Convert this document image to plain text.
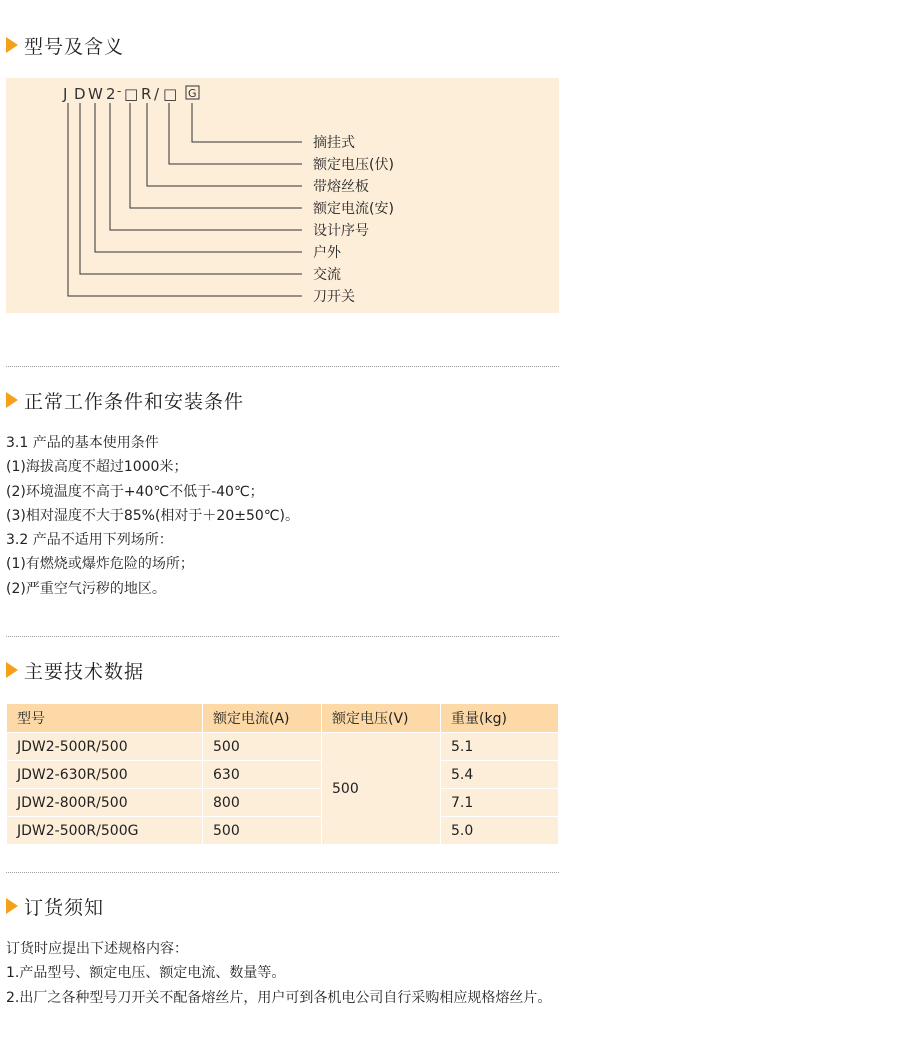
型号及含义
J D W 2 - □ R / □ G
摘挂式
额定电压(伏)
带熔丝板
额定电流(安)
设计序号
户外
交流
刀开关
正常工作条件和安装条件
3.1 产品的基本使用条件
(1)海拔高度不超过1000米；
(2)环境温度不高于+40℃不低于-40℃；
(3)相对湿度不大于85%(相对于＋20±50℃)。
3.2 产品不适用下列场所：
(1)有燃烧或爆炸危险的场所；
(2)严重空气污秽的地区。
主要技术数据
型号	额定电流(A)	额定电压(V)	重量(kg)
JDW2-500R/500	500	500	5.1
JDW2-630R/500	630		5.4
JDW2-800R/500	800		7.1
JDW2-500R/500G	500		5.0
订货须知
订货时应提出下述规格内容：
1.产品型号、额定电压、额定电流、数量等。
2.出厂之各种型号刀开关不配备熔丝片，用户可到各机电公司自行采购相应规格熔丝片。
